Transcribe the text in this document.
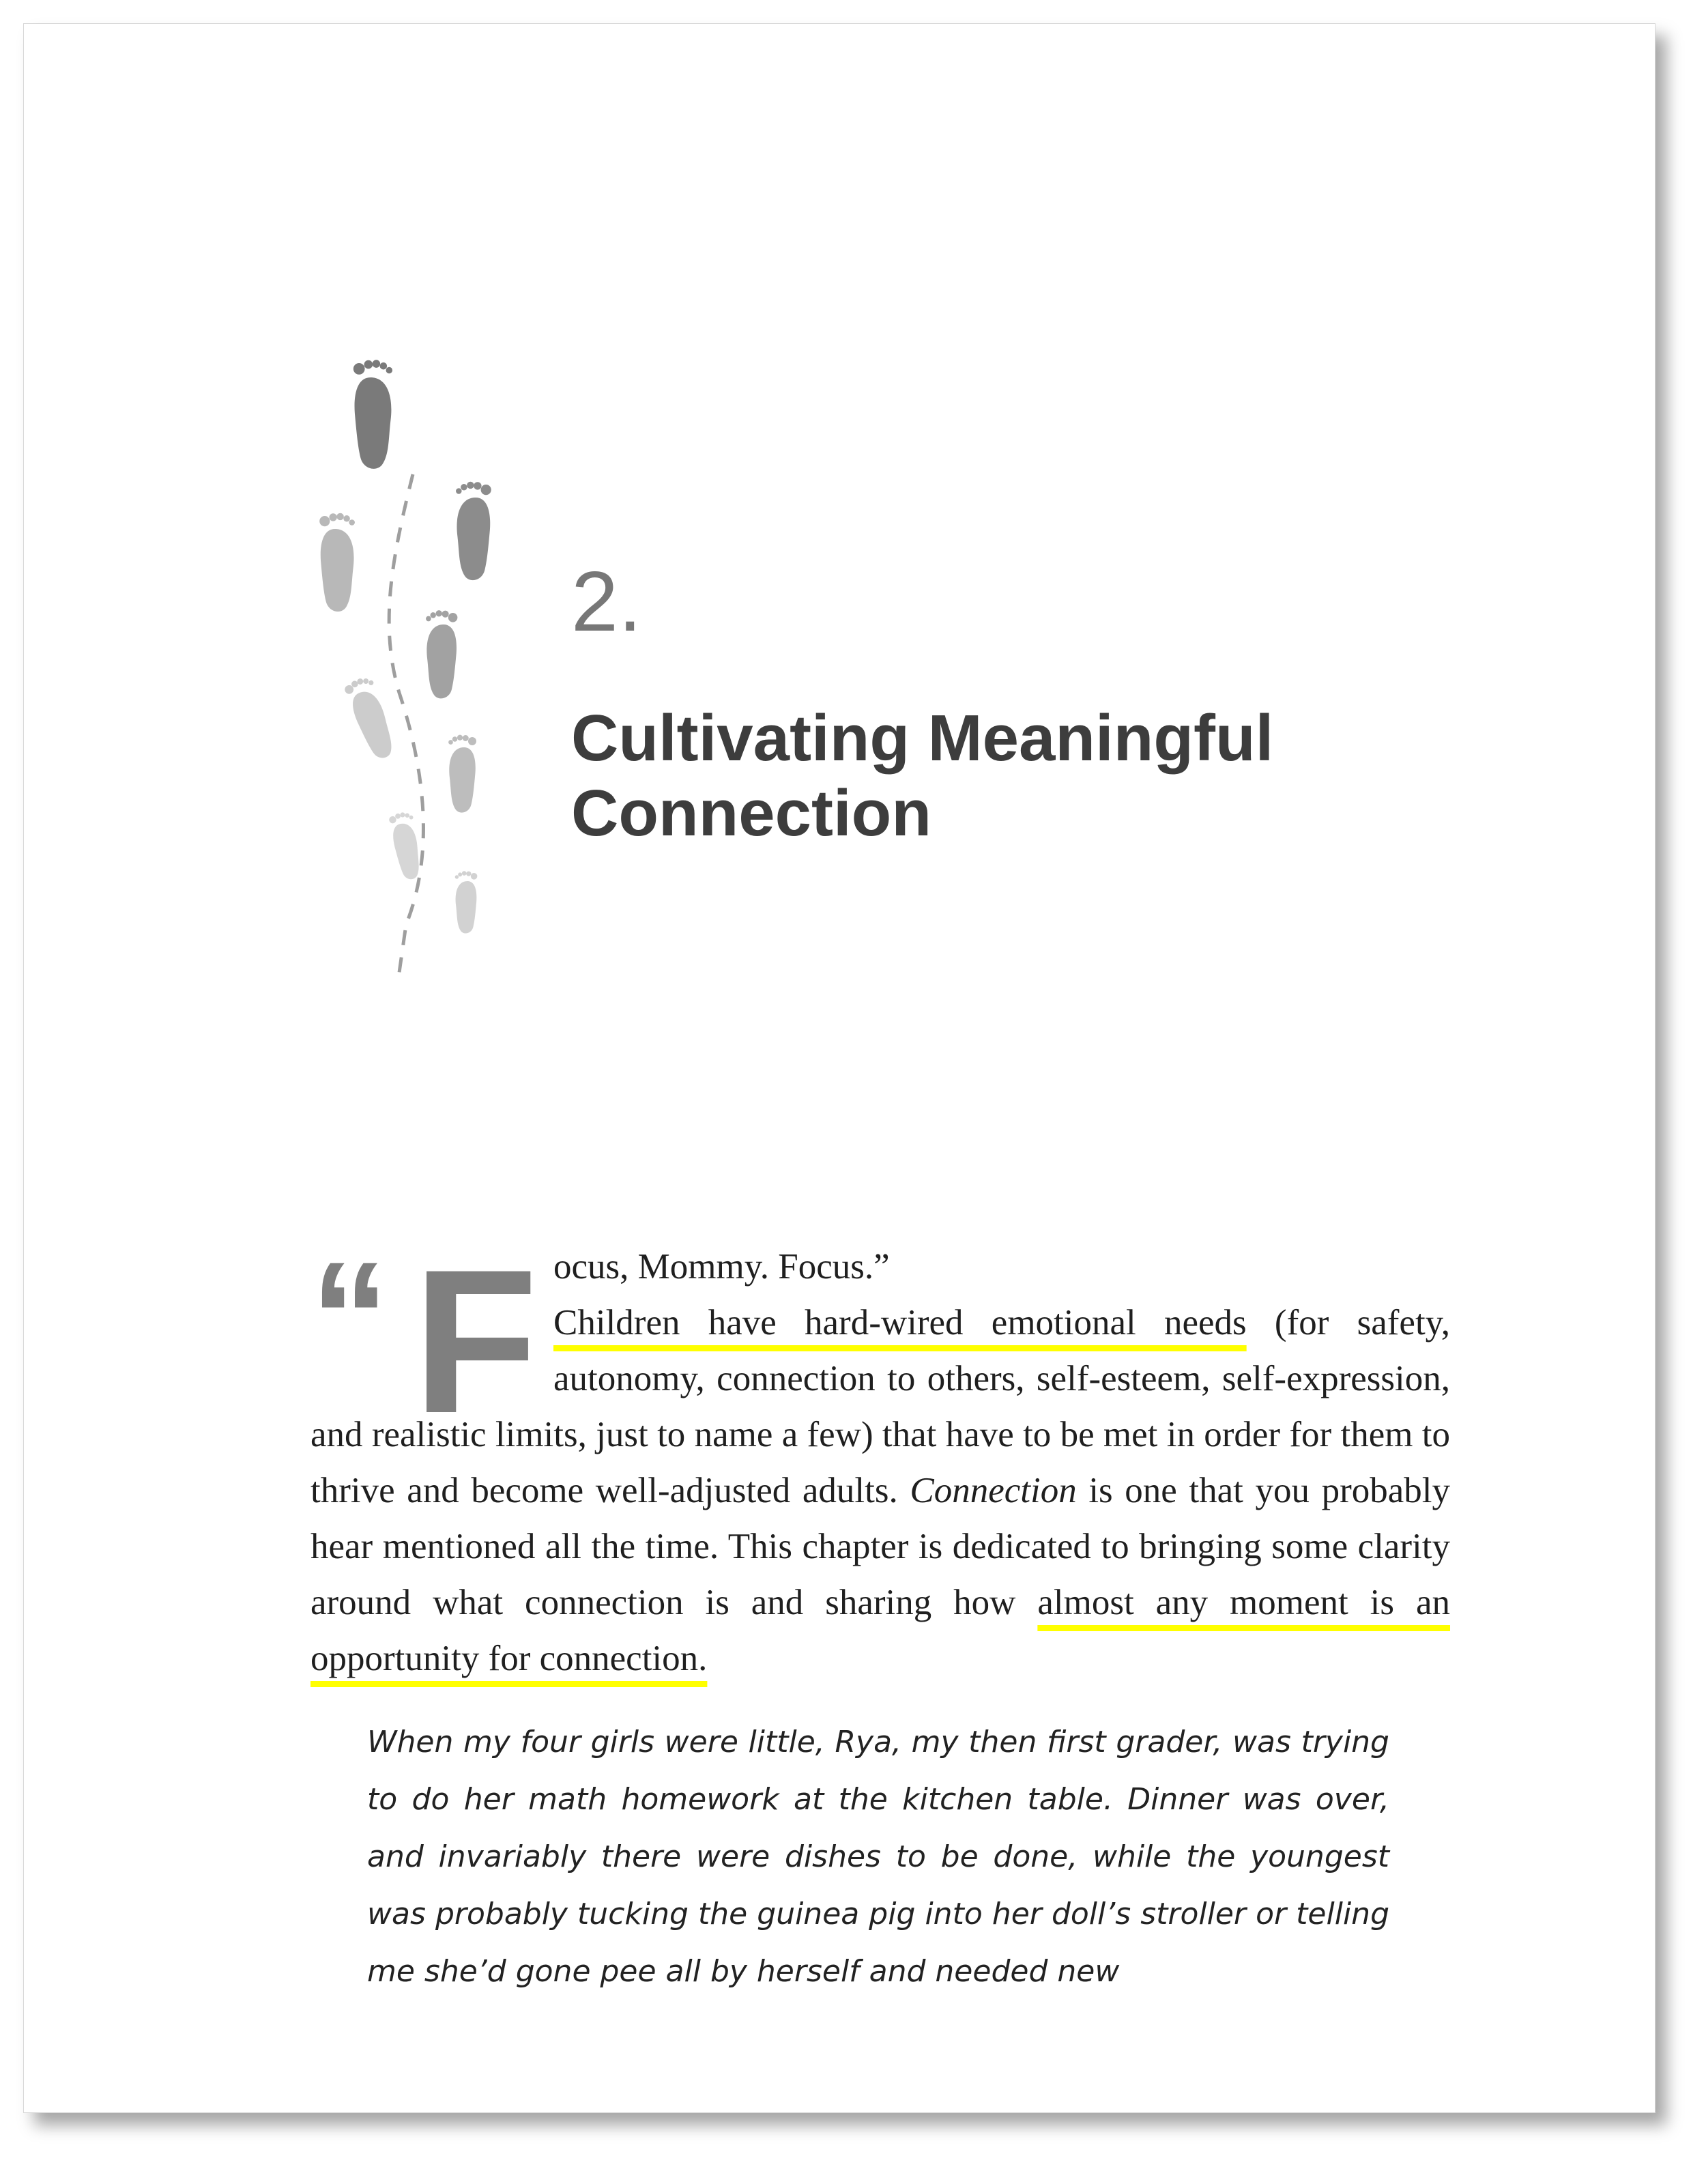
2.
Cultivating Meaningful Connection
“ F ocus, Mommy. Focus.”

Children have hard-wired emotional needs (for safety, autonomy, connection to others, self-esteem, self-expression, and realistic limits, just to name a few) that have to be met in order for them to thrive and become well-adjusted adults. Connection is one that you probably hear mentioned all the time. This chapter is dedicated to bringing some clarity around what connection is and sharing how almost any moment is an opportunity for connection.

When my four girls were little, Rya, my then first grader, was trying to do her math homework at the kitchen table. Dinner was over, and invariably there were dishes to be done, while the youngest was probably tucking the guinea pig into her doll’s stroller or telling me she’d gone pee all by herself and needed new
